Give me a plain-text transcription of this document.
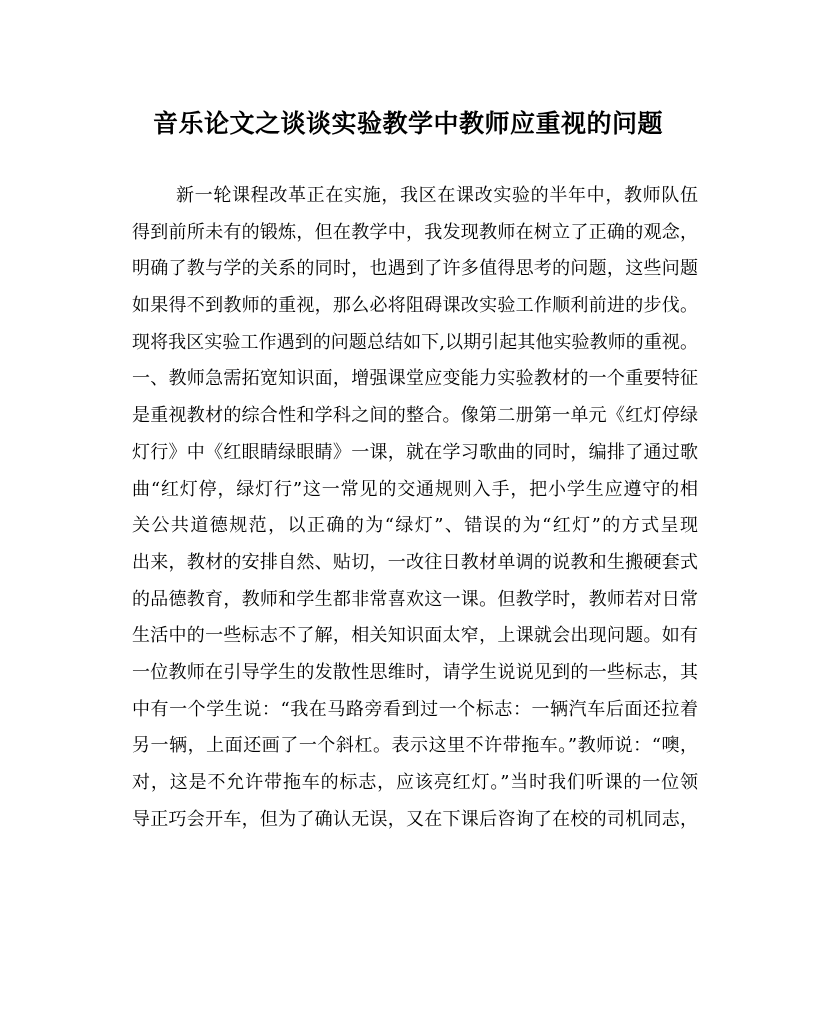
音乐论文之谈谈实验教学中教师应重视的问题
新一轮课程改革正在实施，我区在课改实验的半年中，教师队伍
得到前所未有的锻炼，但在教学中，我发现教师在树立了正确的观念，
明确了教与学的关系的同时，也遇到了许多值得思考的问题，这些问题
如果得不到教师的重视，那么必将阻碍课改实验工作顺利前进的步伐。
现将我区实验工作遇到的问题总结如下,以期引起其他实验教师的重视。
一、教师急需拓宽知识面，增强课堂应变能力实验教材的一个重要特征
是重视教材的综合性和学科之间的整合。像第二册第一单元《红灯停绿
灯行》中《红眼睛绿眼睛》一课，就在学习歌曲的同时，编排了通过歌
曲“红灯停，绿灯行”这一常见的交通规则入手，把小学生应遵守的相
关公共道德规范，以正确的为“绿灯”、错误的为“红灯”的方式呈现
出来，教材的安排自然、贴切，一改往日教材单调的说教和生搬硬套式
的品德教育，教师和学生都非常喜欢这一课。但教学时，教师若对日常
生活中的一些标志不了解，相关知识面太窄，上课就会出现问题。如有
一位教师在引导学生的发散性思维时，请学生说说见到的一些标志，其
中有一个学生说：“我在马路旁看到过一个标志：一辆汽车后面还拉着
另一辆，上面还画了一个斜杠。表示这里不许带拖车。”教师说：“噢，
对，这是不允许带拖车的标志，应该亮红灯。”当时我们听课的一位领
导正巧会开车，但为了确认无误，又在下课后咨询了在校的司机同志，
